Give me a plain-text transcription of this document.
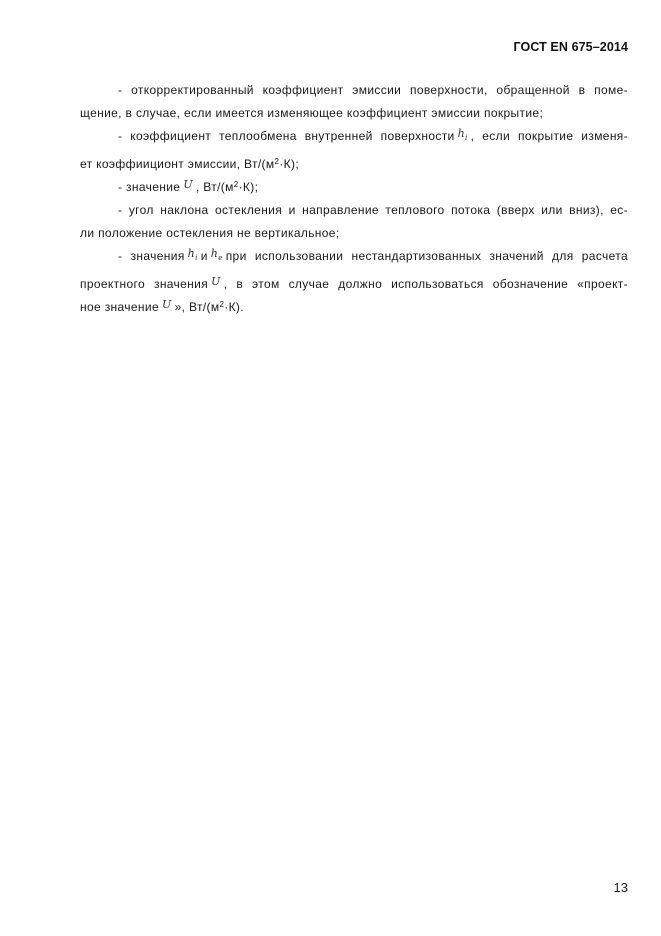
ГОСТ EN 675–2014

- откорректированный коэффициент эмиссии поверхности, обращенной в поме-
щение, в случае, если имеется изменяющее коэффициент эмиссии покрытие;

- коэффициент теплообмена внутренней поверхности $h_i$ , если покрытие изменя-
ет коэффииционт эмиссии, $Вт/(м^2\cdot К)$;

- значение U , $Вт/(м^2\cdot К)$;

- угол наклона остекления и направление теплового потока (вверх или вниз), ес-
ли положение остекления не вертикальное;

- значения $h_i$ и $h_e$ при использовании нестандартизованных значений для расчета
проектного значения U , в этом случае должно использоваться обозначение «проект-
ное значение U », $Вт/(м^2\cdot К)$.

13
